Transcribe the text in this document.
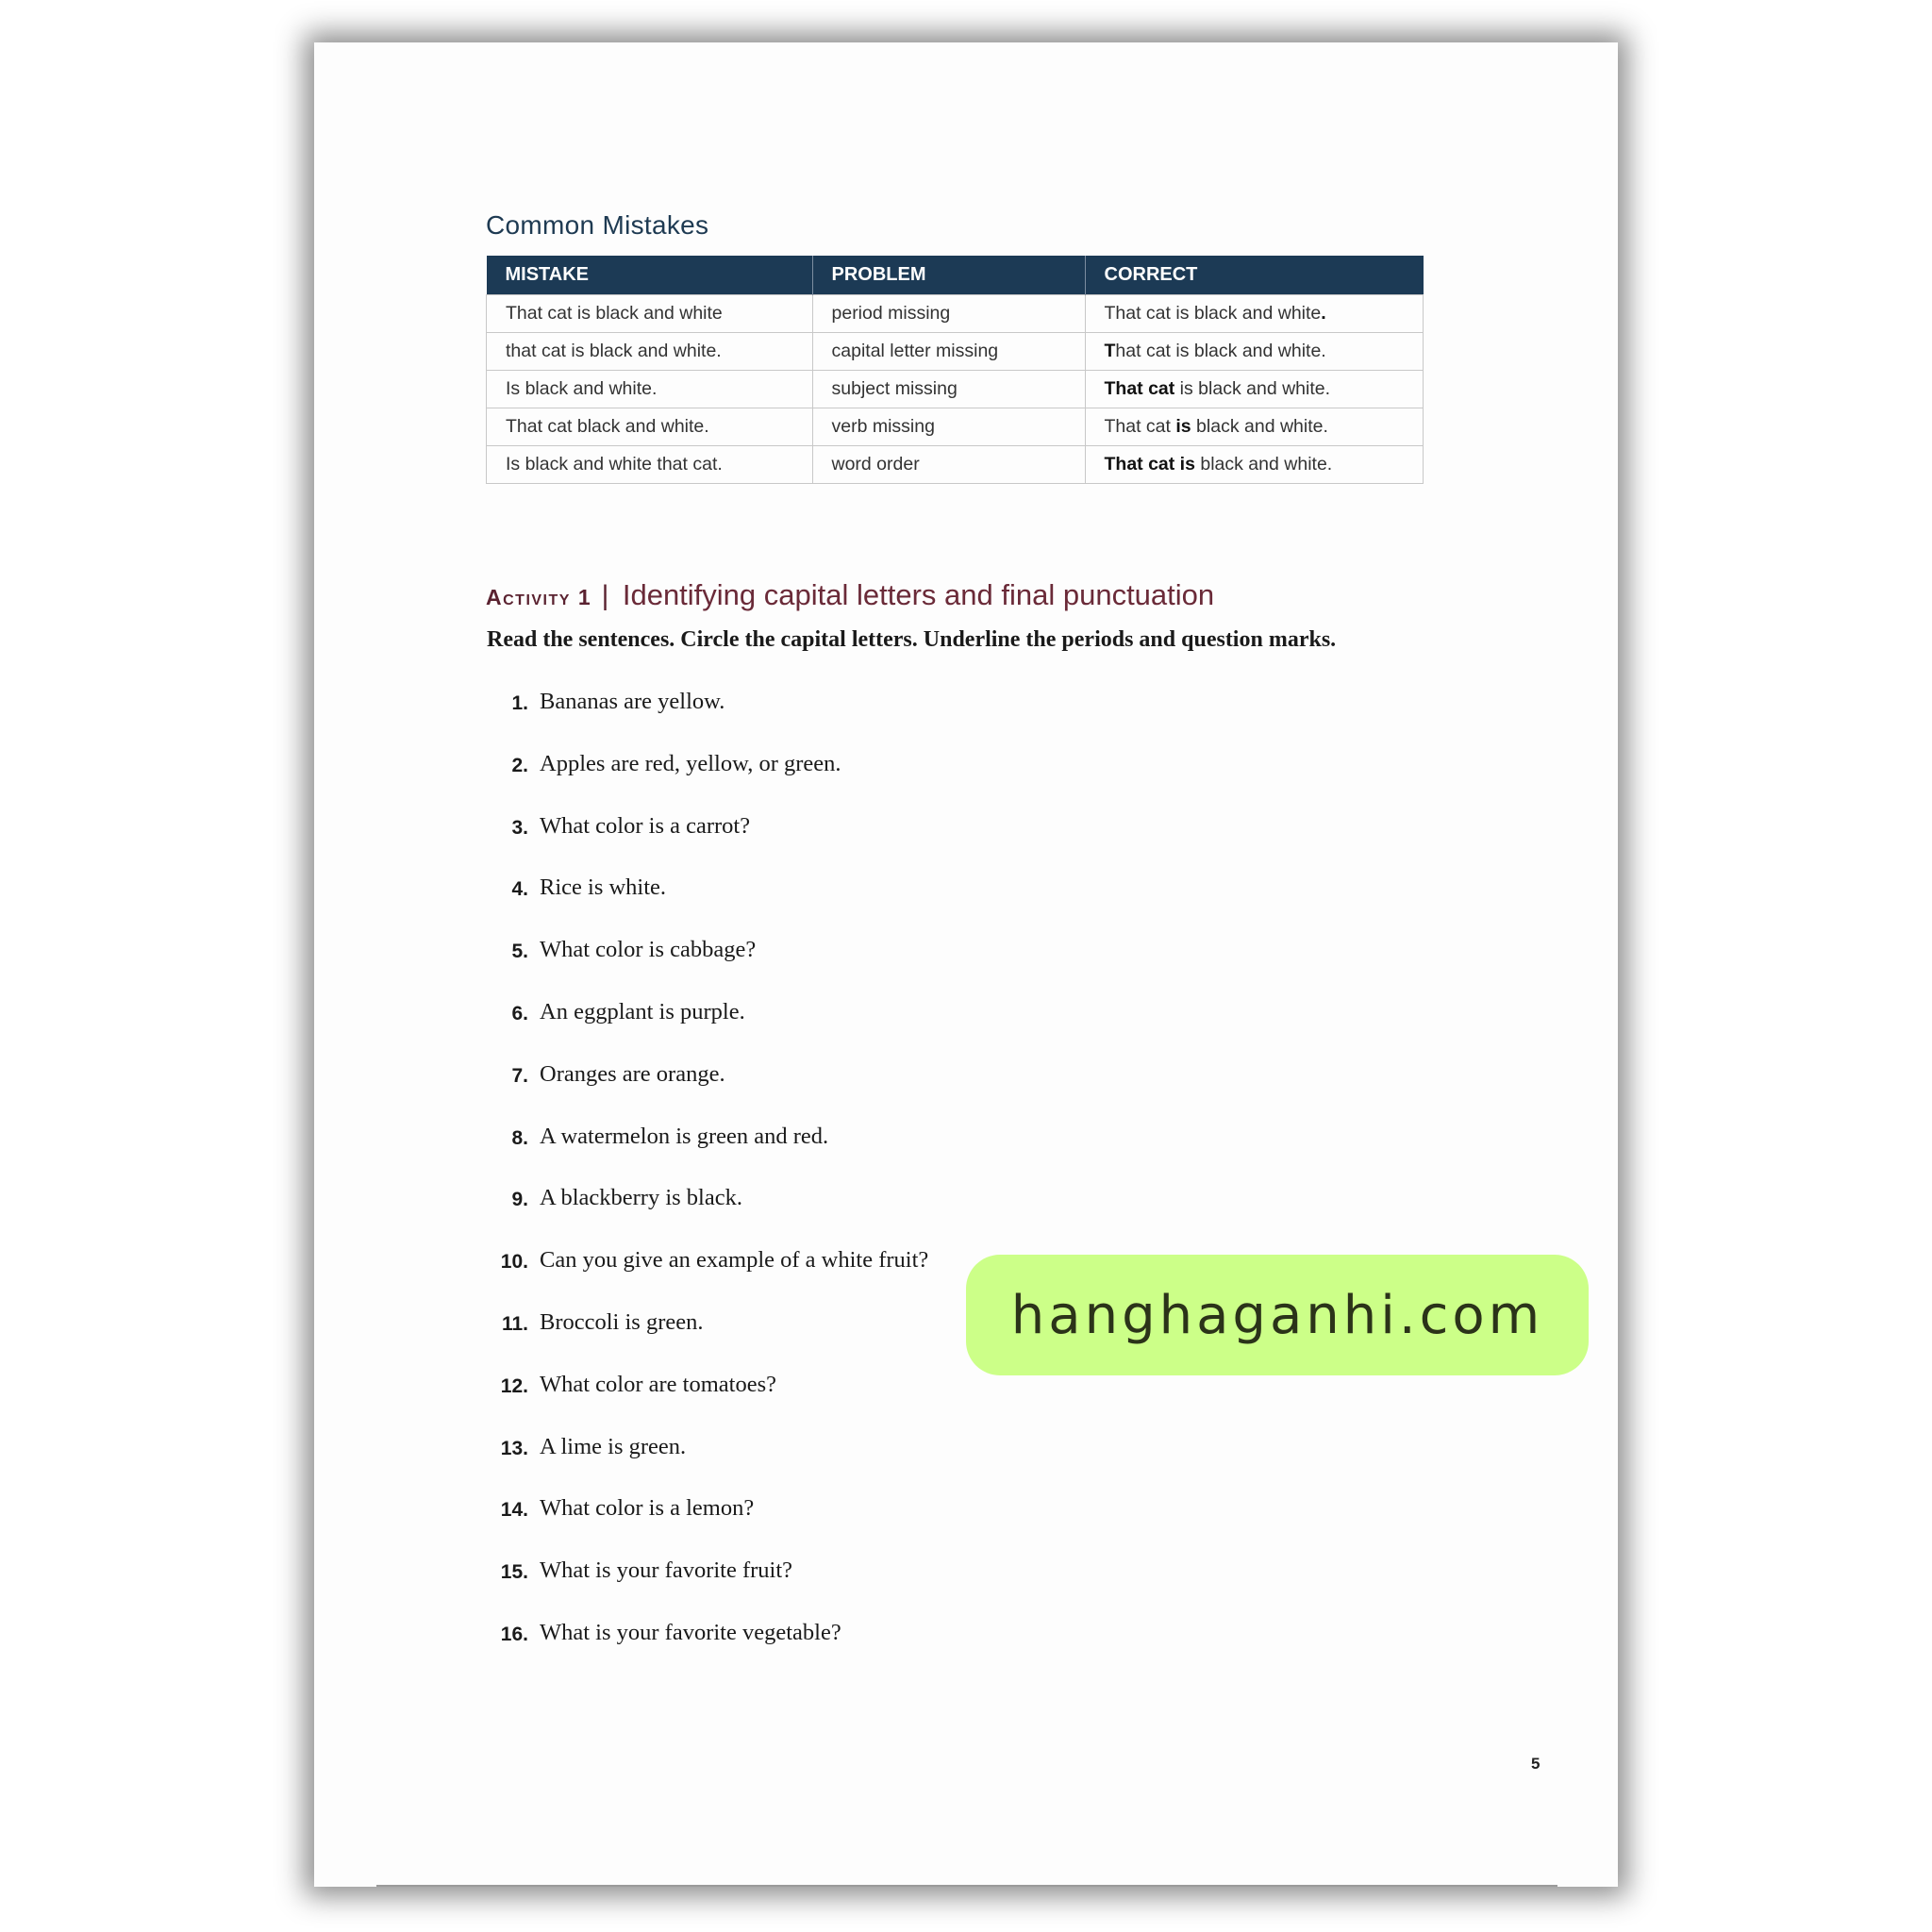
Common Mistakes
MISTAKE	PROBLEM	CORRECT
That cat is black and white	period missing	That cat is black and white.
that cat is black and white.	capital letter missing	That cat is black and white.
Is black and white.	subject missing	That cat is black and white.
That cat black and white.	verb missing	That cat is black and white.
Is black and white that cat.	word order	That cat is black and white.
Activity 1 | Identifying capital letters and final punctuation

Read the sentences. Circle the capital letters. Underline the periods and question marks.

1. Bananas are yellow.
2. Apples are red, yellow, or green.
3. What color is a carrot?
4. Rice is white.
5. What color is cabbage?
6. An eggplant is purple.
7. Oranges are orange.
8. A watermelon is green and red.
9. A blackberry is black.
10. Can you give an example of a white fruit?
11. Broccoli is green.
12. What color are tomatoes?
13. A lime is green.
14. What color is a lemon?
15. What is your favorite fruit?
16. What is your favorite vegetable?
5
hanghaganhi.com
